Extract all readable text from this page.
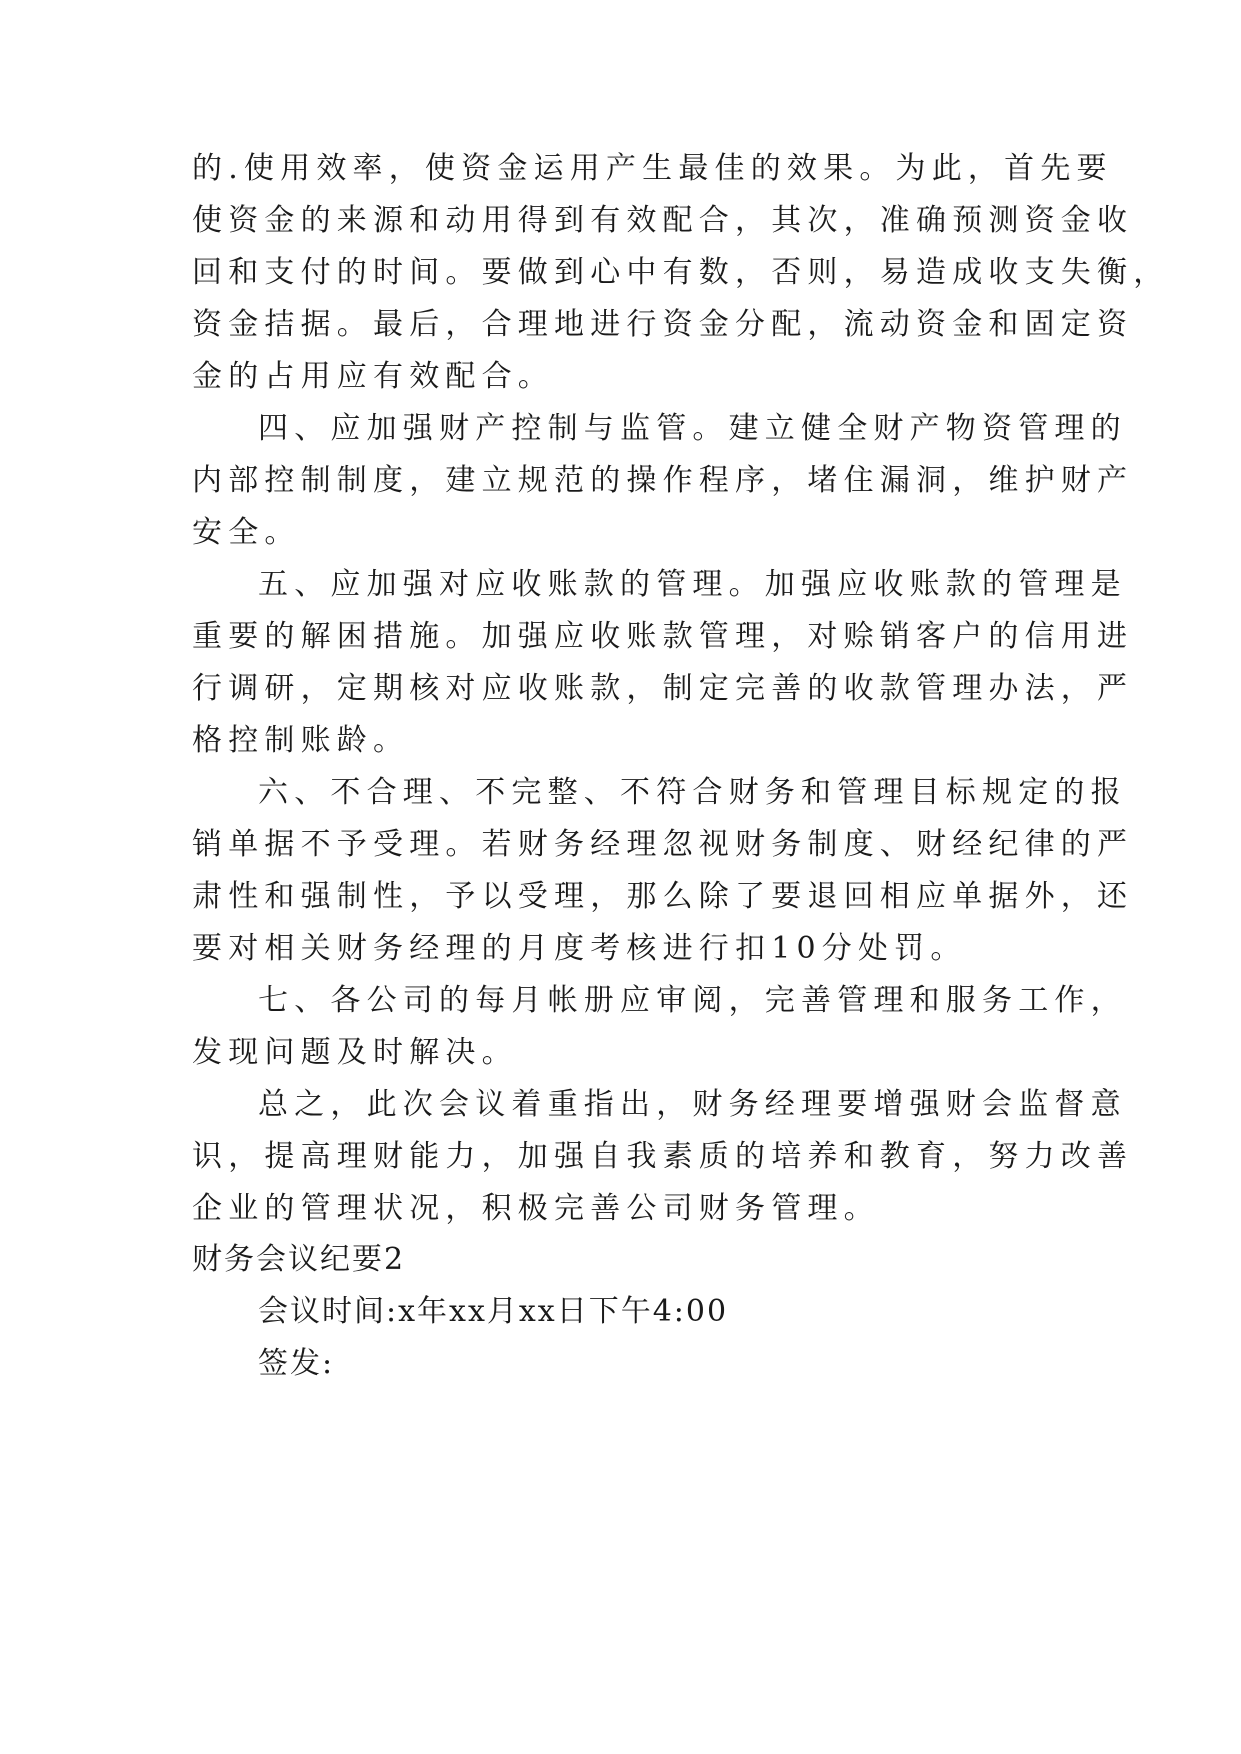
的.使用效率，使资金运用产生最佳的效果。为此，首先要
使资金的来源和动用得到有效配合，其次，准确预测资金收
回和支付的时间。要做到心中有数，否则，易造成收支失衡，
资金拮据。最后，合理地进行资金分配，流动资金和固定资
金的占用应有效配合。
四、应加强财产控制与监管。建立健全财产物资管理的
内部控制制度，建立规范的操作程序，堵住漏洞，维护财产
安全。
五、应加强对应收账款的管理。加强应收账款的管理是
重要的解困措施。加强应收账款管理，对赊销客户的信用进
行调研，定期核对应收账款，制定完善的收款管理办法，严
格控制账龄。
六、不合理、不完整、不符合财务和管理目标规定的报
销单据不予受理。若财务经理忽视财务制度、财经纪律的严
肃性和强制性，予以受理，那么除了要退回相应单据外，还
要对相关财务经理的月度考核进行扣10分处罚。
七、各公司的每月帐册应审阅，完善管理和服务工作，
发现问题及时解决。
总之，此次会议着重指出，财务经理要增强财会监督意
识，提高理财能力，加强自我素质的培养和教育，努力改善
企业的管理状况，积极完善公司财务管理。
财务会议纪要2
会议时间:x年xx月xx日下午4:00
签发:
